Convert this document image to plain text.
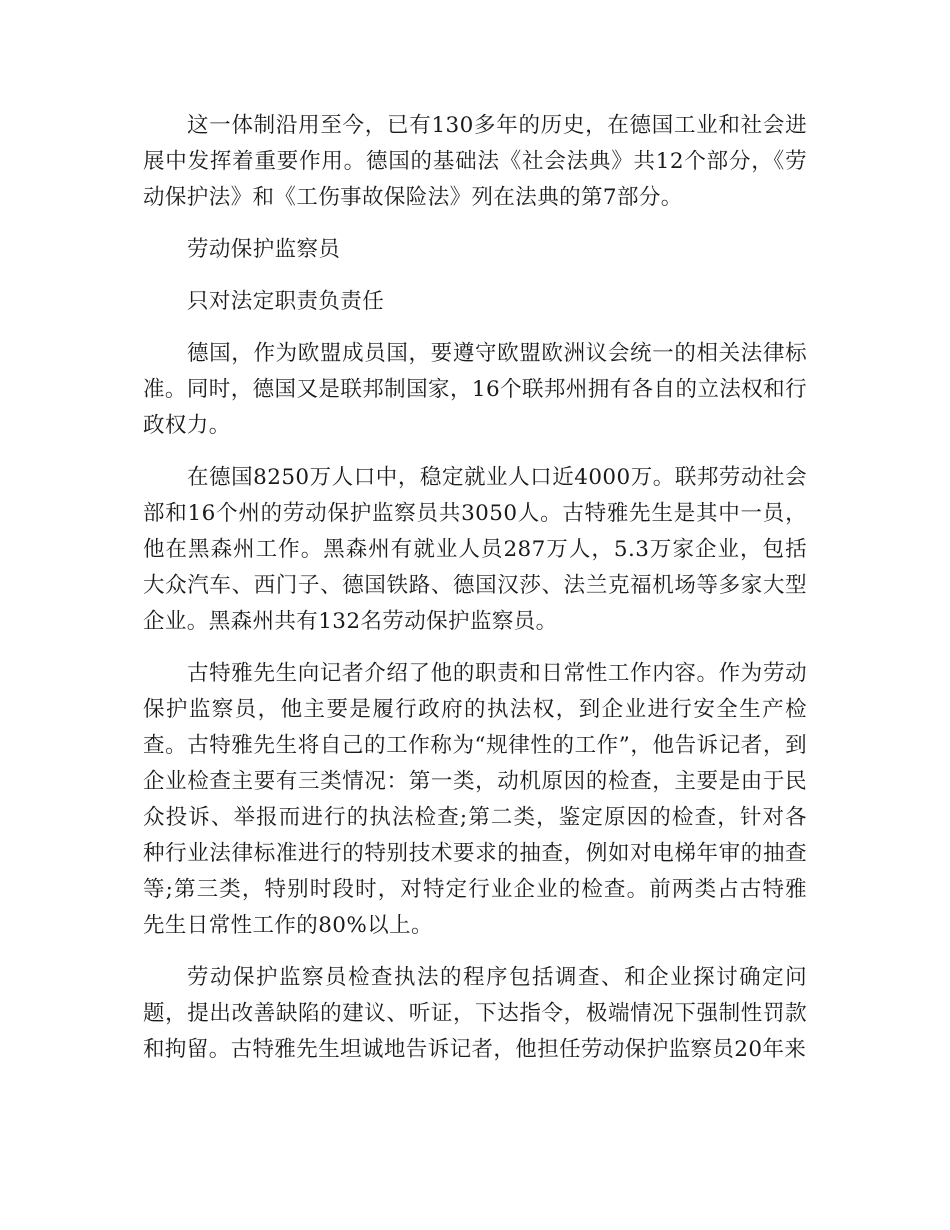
这一体制沿用至今，已有130多年的历史，在德国工业和社会进展中发挥着重要作用。德国的基础法《社会法典》共12个部分，《劳动保护法》和《工伤事故保险法》列在法典的第7部分。

劳动保护监察员

只对法定职责负责任

德国，作为欧盟成员国，要遵守欧盟欧洲议会统一的相关法律标准。同时，德国又是联邦制国家，16个联邦州拥有各自的立法权和行政权力。

在德国8250万人口中，稳定就业人口近4000万。联邦劳动社会部和16个州的劳动保护监察员共3050人。古特雅先生是其中一员，他在黑森州工作。黑森州有就业人员287万人，5.3万家企业，包括大众汽车、西门子、德国铁路、德国汉莎、法兰克福机场等多家大型企业。黑森州共有132名劳动保护监察员。

古特雅先生向记者介绍了他的职责和日常性工作内容。作为劳动保护监察员，他主要是履行政府的执法权，到企业进行安全生产检查。古特雅先生将自己的工作称为“规律性的工作”，他告诉记者，到企业检查主要有三类情况：第一类，动机原因的检查，主要是由于民众投诉、举报而进行的执法检查;第二类，鉴定原因的检查，针对各种行业法律标准进行的特别技术要求的抽查，例如对电梯年审的抽查等;第三类，特别时段时，对特定行业企业的检查。前两类占古特雅先生日常性工作的80%以上。

劳动保护监察员检查执法的程序包括调查、和企业探讨确定问题，提出改善缺陷的建议、听证，下达指令，极端情况下强制性罚款和拘留。古特雅先生坦诚地告诉记者，他担任劳动保护监察员20年来
